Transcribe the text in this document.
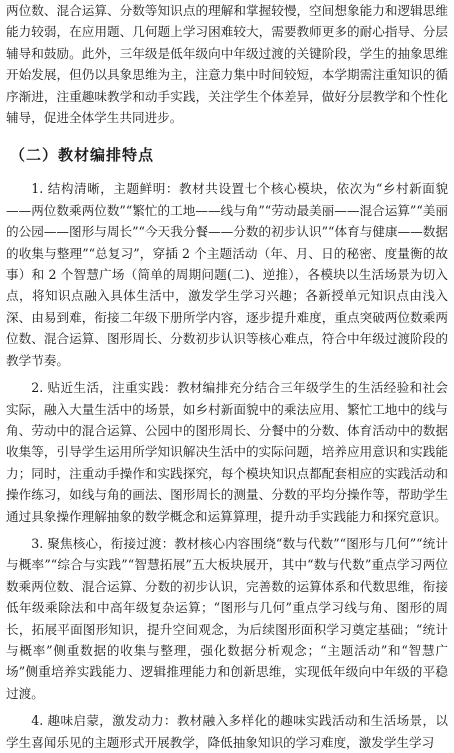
两位数、混合运算、分数等知识点的理解和掌握较慢，空间想象能力和逻辑思维能力较弱，在应用题、几何题上学习困难较大，需要教师更多的耐心指导、分层辅导和鼓励。此外，三年级是低年级向中年级过渡的关键阶段，学生的抽象思维开始发展，但仍以具象思维为主，注意力集中时间较短，本学期需注重知识的循序渐进，注重趣味教学和动手实践，关注学生个体差异，做好分层教学和个性化辅导，促进全体学生共同进步。

（二）教材编排特点

1. 结构清晰，主题鲜明：教材共设置七个核心模块，依次为“乡村新面貌——两位数乘两位数”“繁忙的工地——线与角”“劳动最美丽——混合运算”“美丽的公园——图形与周长”“今天我分餐——分数的初步认识”“体育与健康——数据的收集与整理”“总复习”，穿插 2 个主题活动（年、月、日的秘密、度量衡的故事）和 2 个智慧广场（简单的周期问题(二)、逆推），各模块以生活场景为切入点，将知识点融入具体生活中，激发学生学习兴趣；各新授单元知识点由浅入深、由易到难，衔接二年级下册所学内容，逐步提升难度，重点突破两位数乘两位数、混合运算、图形周长、分数初步认识等核心难点，符合中年级过渡阶段的教学节奏。

2. 贴近生活，注重实践：教材编排充分结合三年级学生的生活经验和社会实际，融入大量生活中的场景，如乡村新面貌中的乘法应用、繁忙工地中的线与角、劳动中的混合运算、公园中的图形周长、分餐中的分数、体育活动中的数据收集等，引导学生运用所学知识解决生活中的实际问题，培养应用意识和实践能力；同时，注重动手操作和实践探究，每个模块知识点都配套相应的实践活动和操作练习，如线与角的画法、图形周长的测量、分数的平均分操作等，帮助学生通过具象操作理解抽象的数学概念和运算算理，提升动手实践能力和探究意识。

3. 聚焦核心，衔接过渡：教材核心内容围绕“数与代数”“图形与几何”“统计与概率”“综合与实践”“智慧拓展”五大板块展开，其中“数与代数”重点学习两位数乘两位数、混合运算、分数的初步认识，完善数的运算体系和代数思维，衔接低年级乘除法和中高年级复杂运算；“图形与几何”重点学习线与角、图形的周长，拓展平面图形知识，提升空间观念，为后续图形面积学习奠定基础；“统计与概率”侧重数据的收集与整理，强化数据分析观念；“主题活动”和“智慧广场”侧重培养实践能力、逻辑推理能力和创新思维，实现低年级向中年级的平稳过渡。

4. 趣味启蒙，激发动力：教材融入多样化的趣味实践活动和生活场景，以学生喜闻乐见的主题形式开展教学，降低抽象知识的学习难度，激发学生学习
